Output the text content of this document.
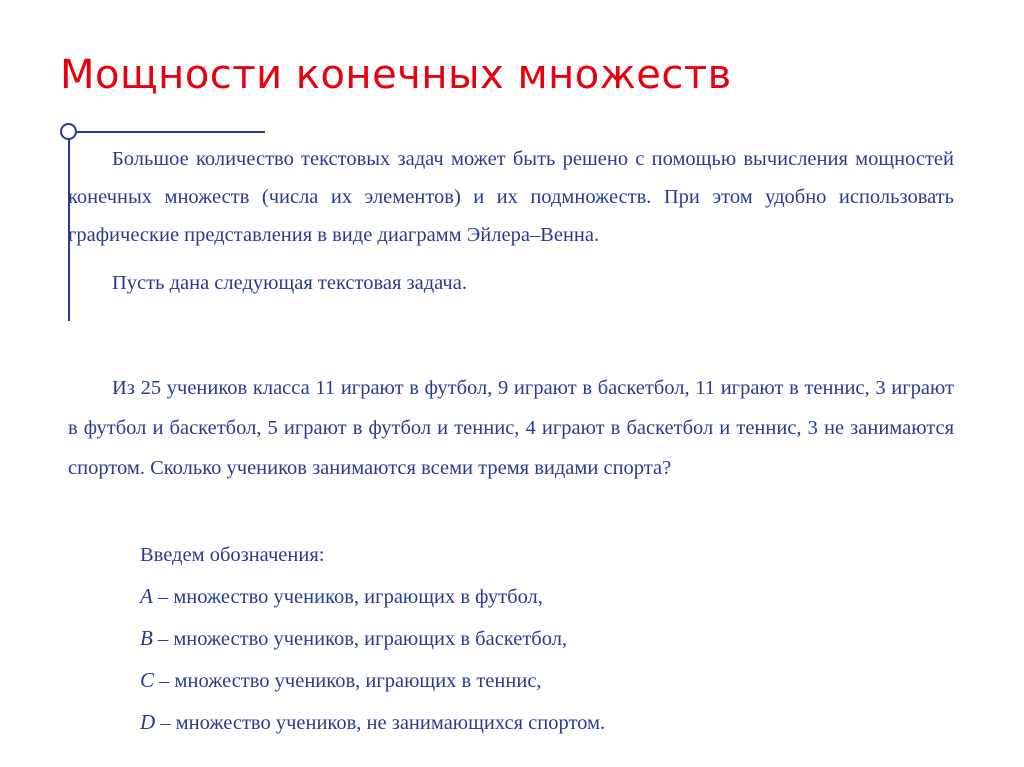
Мощности конечных множеств

Большое количество текстовых задач может быть решено с помощью вычисления мощностей конечных множеств (числа их элементов) и их подмножеств. При этом удобно использовать графические представления в виде диаграмм Эйлера–Венна.

Пусть дана следующая текстовая задача.

Из 25 учеников класса 11 играют в футбол, 9 играют в баскетбол, 11 играют в теннис, 3 играют в футбол и баскетбол, 5 играют в футбол и теннис, 4 играют в баскетбол и теннис, 3 не занимаются спортом. Сколько учеников занимаются всеми тремя видами спорта?

Введем обозначения:

A – множество учеников, играющих в футбол,

B – множество учеников, играющих в баскетбол,

C – множество учеников, играющих в теннис,

D – множество учеников, не занимающихся спортом.
